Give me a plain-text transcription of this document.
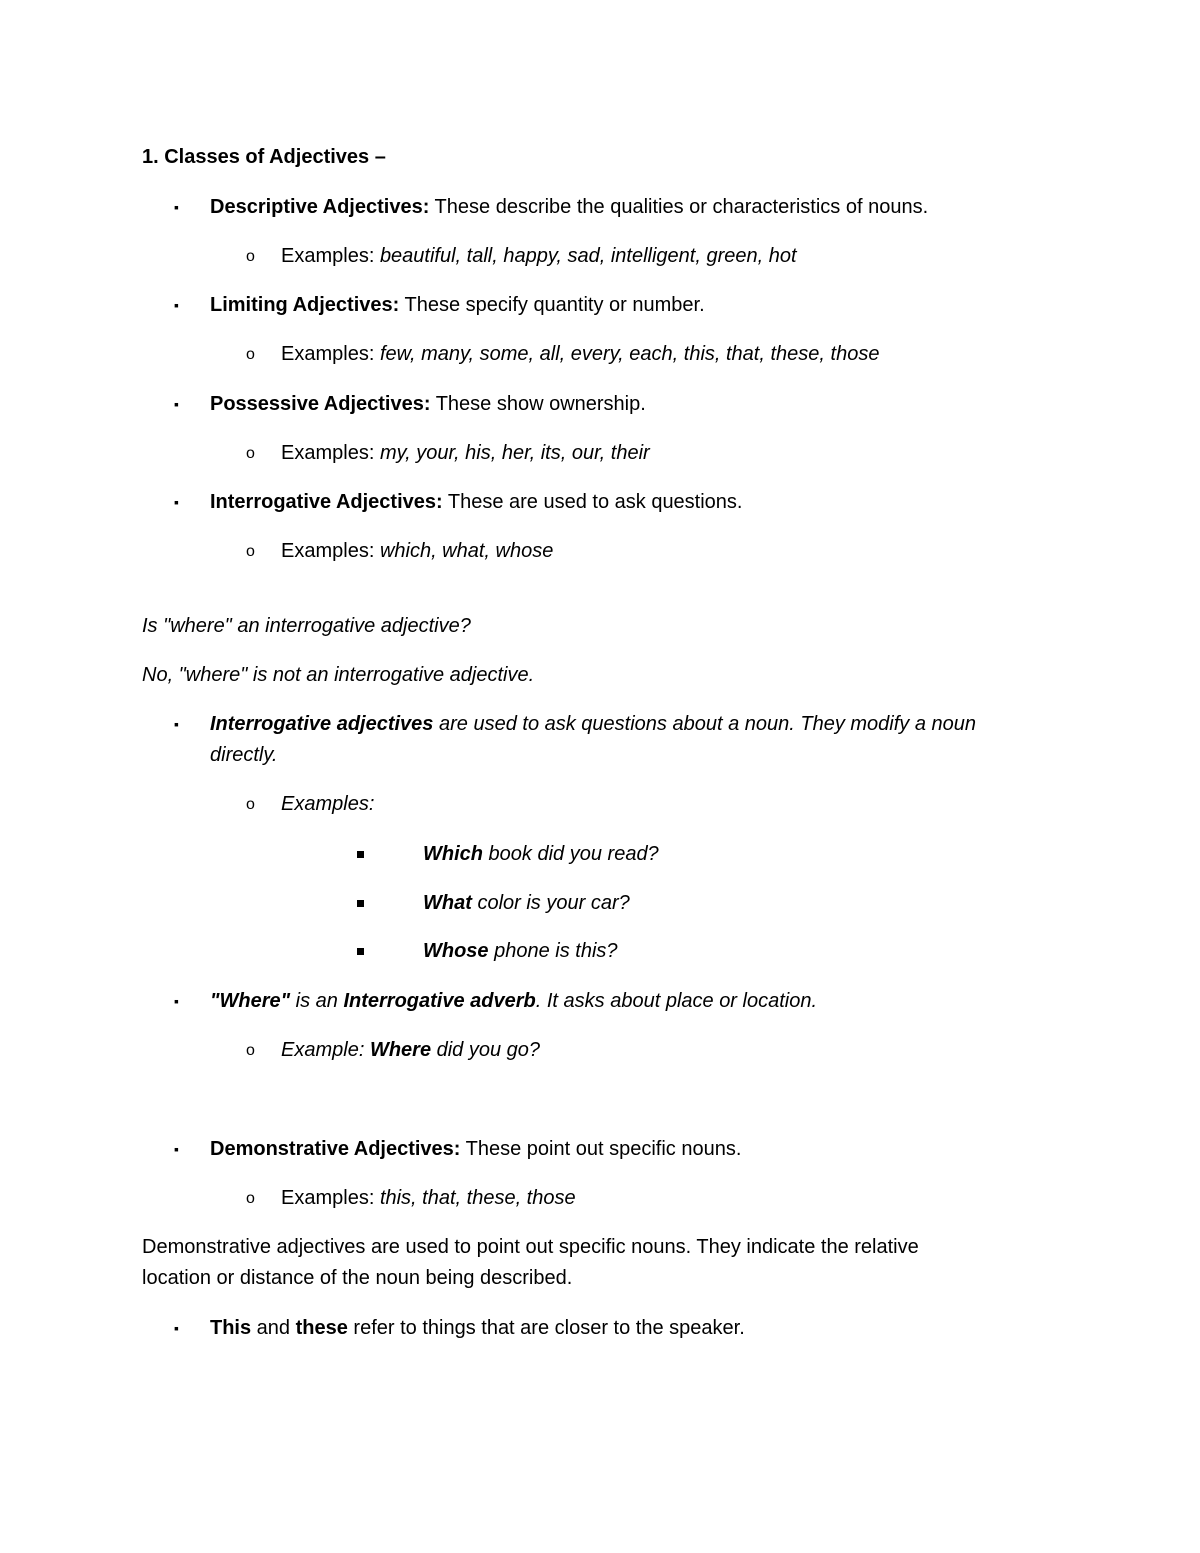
1. Classes of Adjectives –
▪ Descriptive Adjectives: These describe the qualities or characteristics of nouns.
o Examples: beautiful, tall, happy, sad, intelligent, green, hot
▪ Limiting Adjectives: These specify quantity or number.
o Examples: few, many, some, all, every, each, this, that, these, those
▪ Possessive Adjectives: These show ownership.
o Examples: my, your, his, her, its, our, their
▪ Interrogative Adjectives: These are used to ask questions.
o Examples: which, what, whose
Is "where" an interrogative adjective?
No, "where" is not an interrogative adjective.
▪ Interrogative adjectives are used to ask questions about a noun. They modify a noun
directly.
o Examples:
Which book did you read?
What color is your car?
Whose phone is this?
▪ "Where" is an Interrogative adverb. It asks about place or location.
o Example: Where did you go?
▪ Demonstrative Adjectives: These point out specific nouns.
o Examples: this, that, these, those
Demonstrative adjectives are used to point out specific nouns. They indicate the relative
location or distance of the noun being described.
▪ This and these refer to things that are closer to the speaker.
